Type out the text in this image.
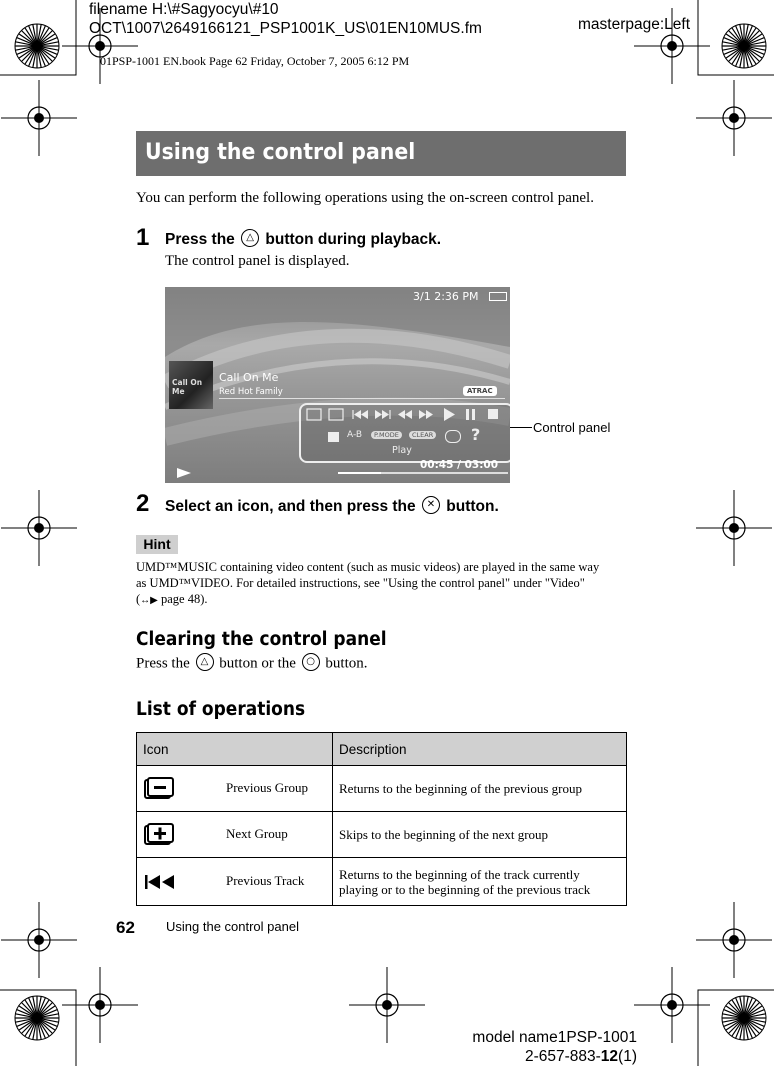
filename H:\#Sagyocyu\#10
OCT\1007\2649166121_PSP1001K_US\01EN10MUS.fm	masterpage:Left
01PSP-1001 EN.book Page 62 Friday, October 7, 2005 6:12 PM
Using the control panel
You can perform the following operations using the on-screen control panel.
1 Press the △ button during playback.
The control panel is displayed.
3/1 2:36 PM
Call On Me
Call On Me
Red Hot Family	ATRAC
A-B	P.MODE	CLEAR ?
Play
00:45 / 03:00
Control panel
2 Select an icon, and then press the ✕ button.
Hint
UMD™MUSIC containing video content (such as music videos) are played in the same way
as UMD™VIDEO. For detailed instructions, see "Using the control panel" under "Video"
(↔▶ page 48).
Clearing the control panel
Press the △ button or the ○ button.
List of operations
Icon	Description

Previous Group	Returns to the beginning of the previous group

Next Group	Skips to the beginning of the next group

Previous Track	Returns to the beginning of the track currently playing or to the beginning of the previous track
62 Using the control panel
model name1PSP-1001
2-657-883-12(1)
